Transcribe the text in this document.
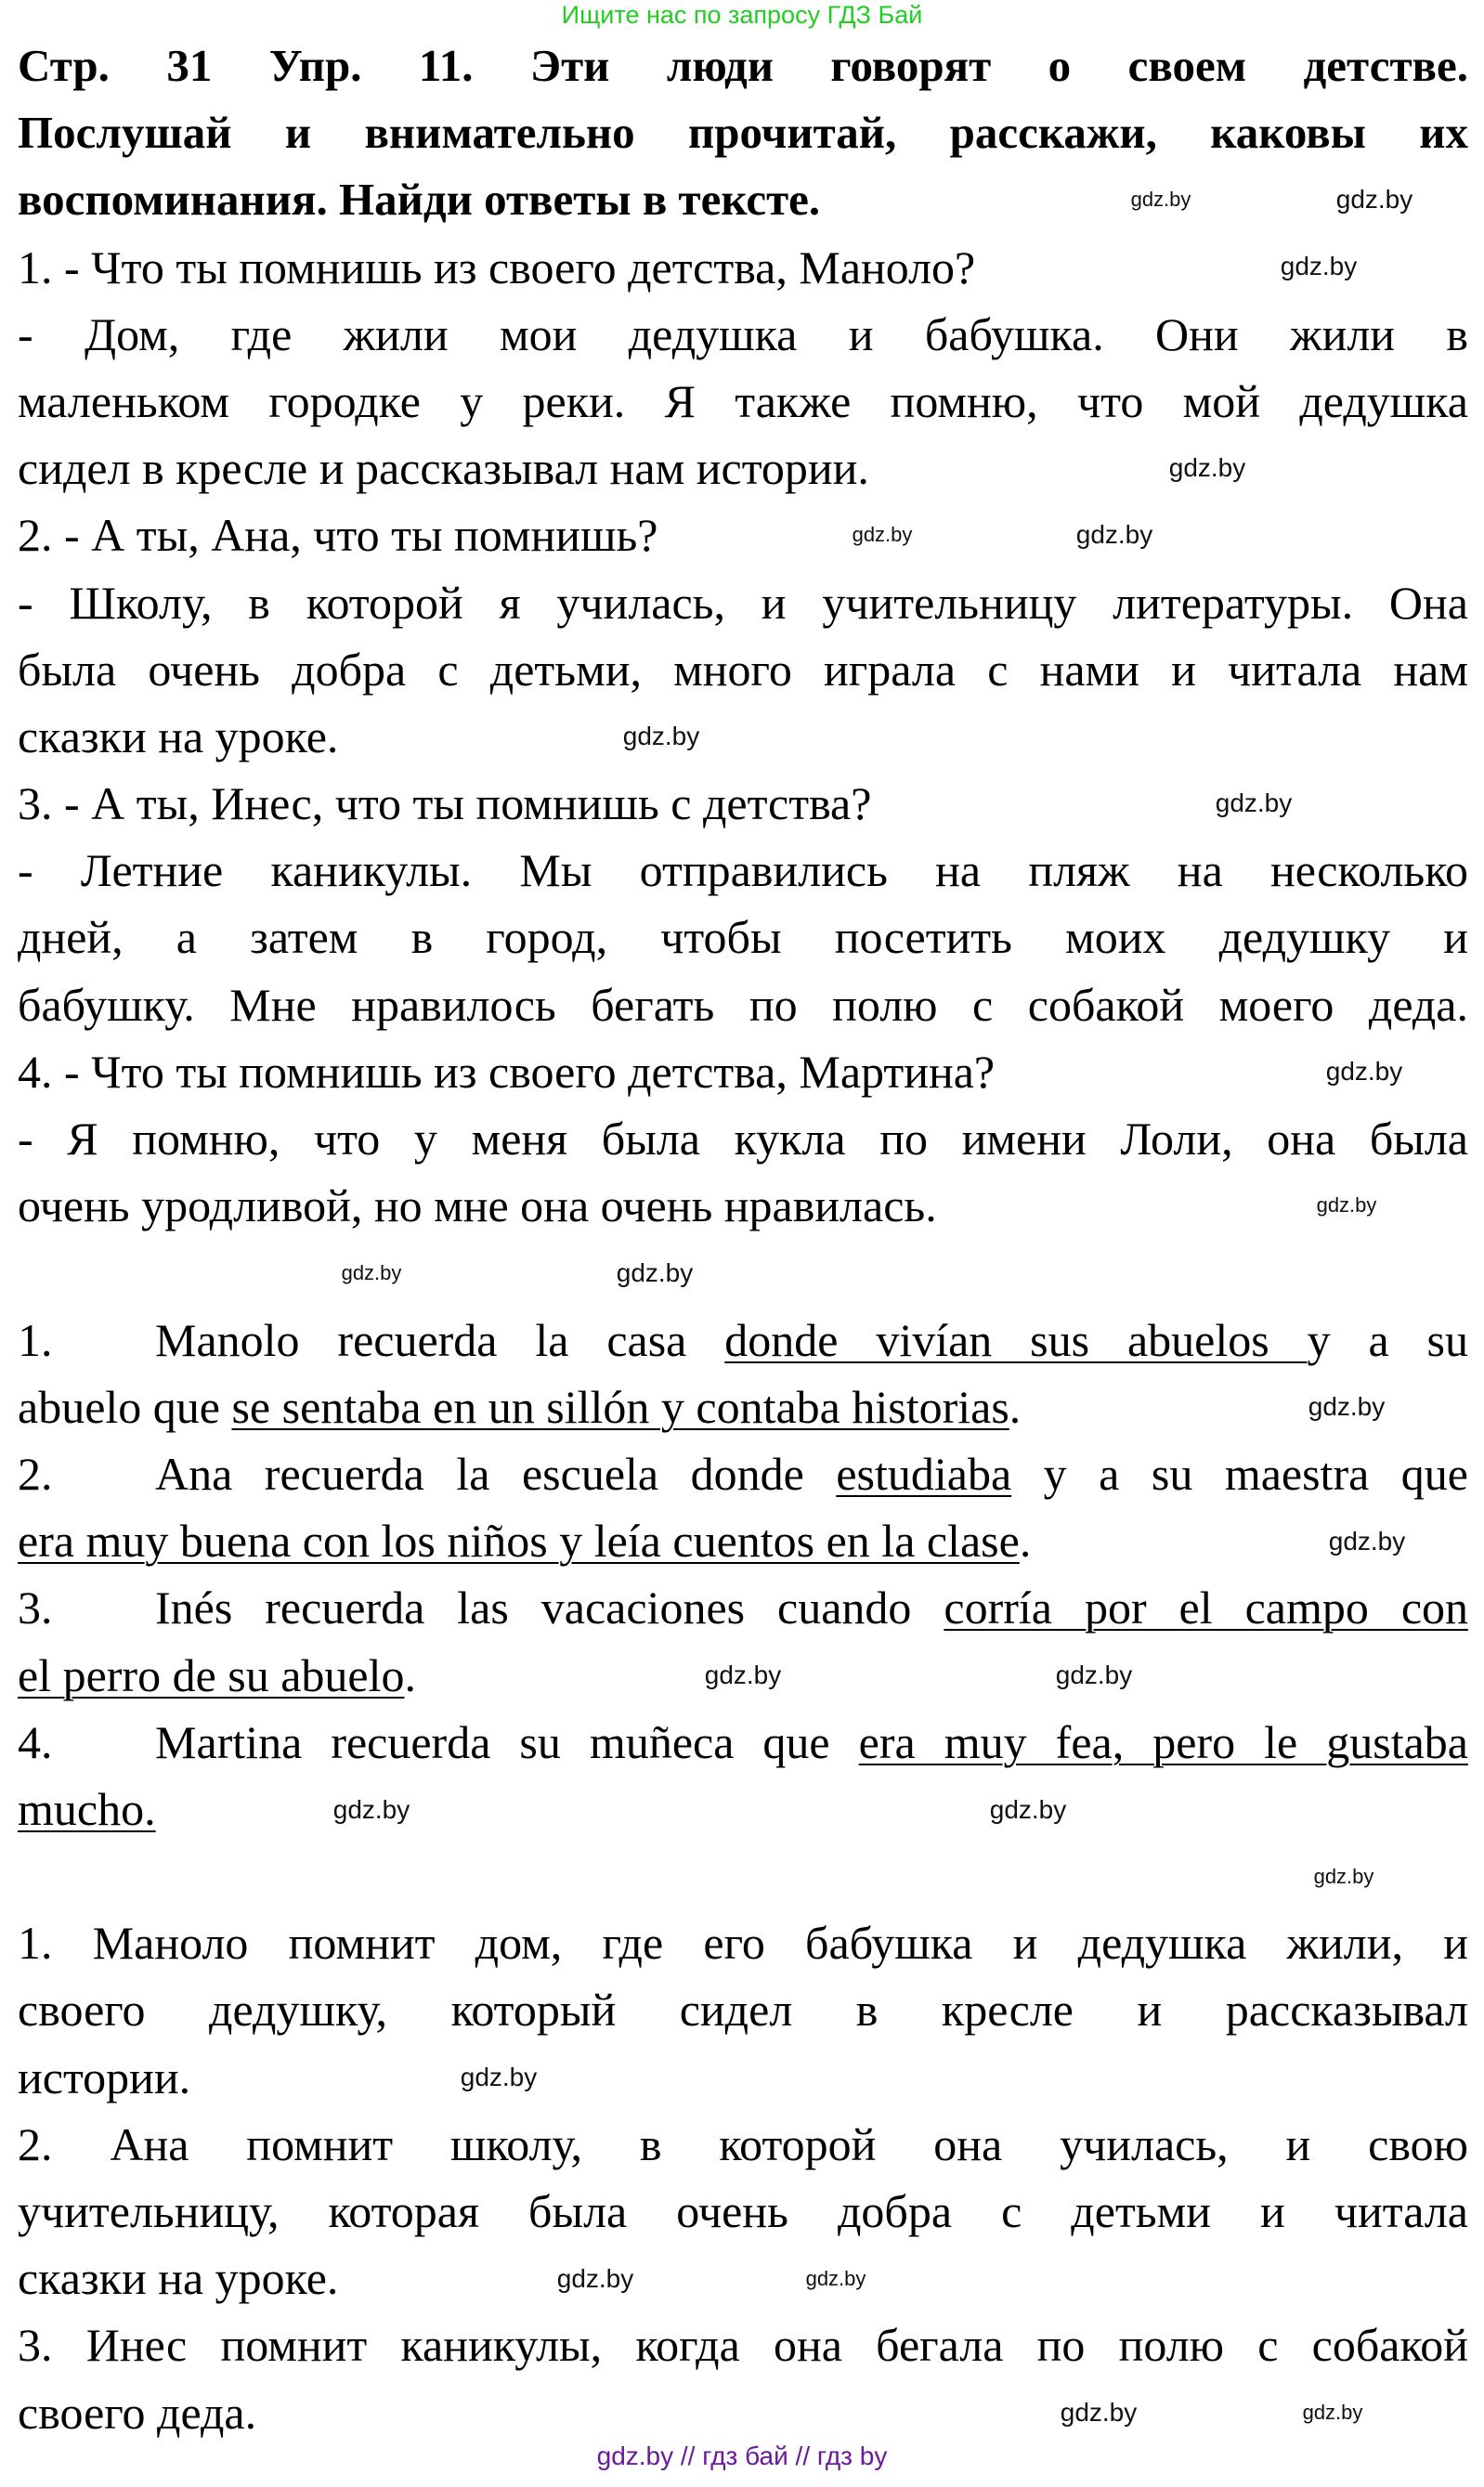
Ищите нас по запросу ГДЗ Бай
Стр. 31 Упр. 11. Эти люди говорят о своем детстве.
Послушай и внимательно прочитай, расскажи, каковы их
воспоминания. Найди ответы в тексте.
1. - Что ты помнишь из своего детства, Маноло?
- Дом, где жили мои дедушка и бабушка. Они жили в
маленьком городке у реки. Я также помню, что мой дедушка
сидел в кресле и рассказывал нам истории.
2. - А ты, Ана, что ты помнишь?
- Школу, в которой я училась, и учительницу литературы. Она
была очень добра с детьми, много играла с нами и читала нам
сказки на уроке.
3. - А ты, Инес, что ты помнишь с детства?
- Летние каникулы. Мы отправились на пляж на несколько
дней, а затем в город, чтобы посетить моих дедушку и
бабушку. Мне нравилось бегать по полю с собакой моего деда.
4. - Что ты помнишь из своего детства, Мартина?
- Я помню, что у меня была кукла по имени Лоли, она была
очень уродливой, но мне она очень нравилась.

1. Manolo recuerda la casa donde vivían sus abuelos y a su
abuelo que se sentaba en un sillón y contaba historias.
2. Ana recuerda la escuela donde estudiaba y a su maestra que
era muy buena con los niños y leía cuentos en la clase.
3. Inés recuerda las vacaciones cuando corría por el campo con
el perro de su abuelo.
4. Martina recuerda su muñeca que era muy fea, pero le gustaba
mucho.

1. Маноло помнит дом, где его бабушка и дедушка жили, и
своего дедушку, который сидел в кресле и рассказывал
истории.
2. Ана помнит школу, в которой она училась, и свою
учительницу, которая была очень добра с детьми и читала
сказки на уроке.
3. Инес помнит каникулы, когда она бегала по полю с собакой
своего деда.
gdz.by	gdz.by
gdz.by
gdz.by
gdz.by	gdz.by
gdz.by
gdz.by
gdz.by
gdz.by
gdz.by
gdz.by
gdz.by
gdz.by
gdz.by
gdz.by
gdz.by
gdz.by
gdz.by
gdz.by	gdz.by
gdz.by	gdz.by
gdz.by
gdz.by // гдз бай // гдз by
